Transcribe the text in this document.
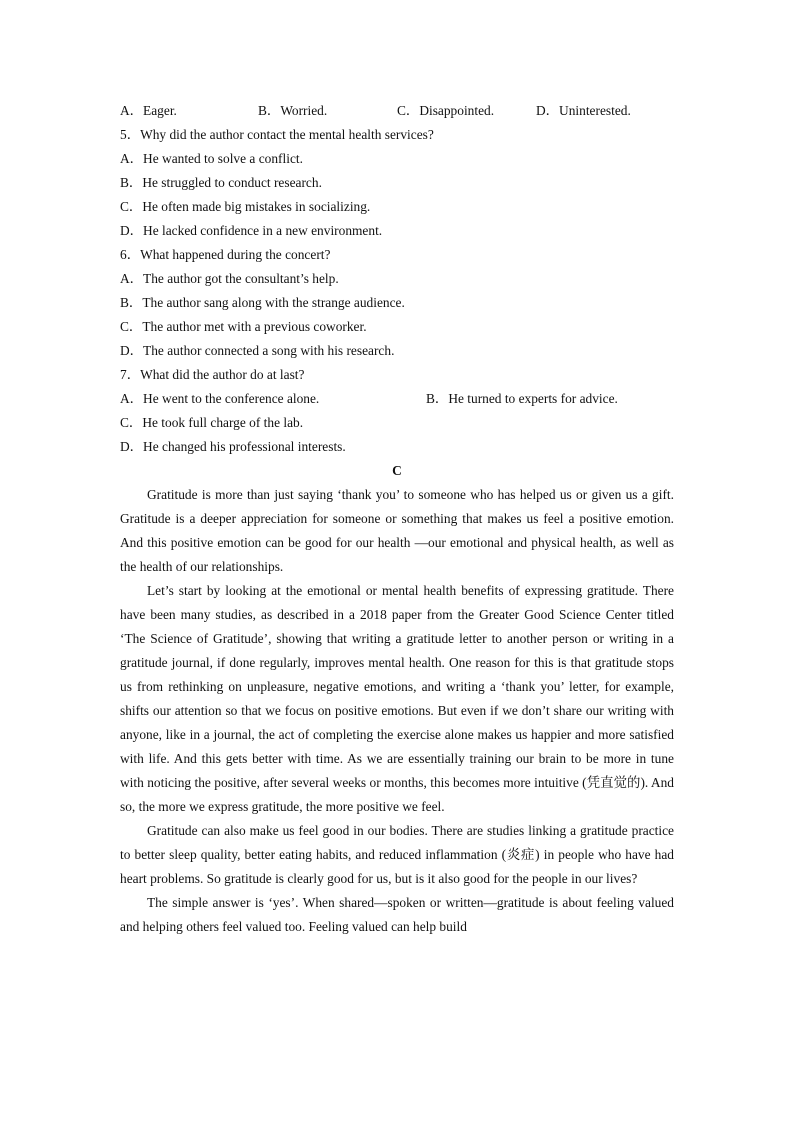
A．Eager.	B．Worried.	C．Disappointed.	D．Uninterested.
5．Why did the author contact the mental health services?
A．He wanted to solve a conflict.
B．He struggled to conduct research.
C．He often made big mistakes in socializing.
D．He lacked confidence in a new environment.
6．What happened during the concert?
A．The author got the consultant’s help.
B．The author sang along with the strange audience.
C．The author met with a previous coworker.
D．The author connected a song with his research.
7．What did the author do at last?
A．He went to the conference alone.	B．He turned to experts for advice.
C．He took full charge of the lab.
D．He changed his professional interests.
C

Gratitude is more than just saying ‘thank you’ to someone who has helped us or given us a gift. Gratitude is a deeper appreciation for someone or something that makes us feel a positive emotion. And this positive emotion can be good for our health —our emotional and physical health, as well as the health of our relationships.

Let’s start by looking at the emotional or mental health benefits of expressing gratitude. There have been many studies, as described in a 2018 paper from the Greater Good Science Center titled ‘The Science of Gratitude’, showing that writing a gratitude letter to another person or writing in a gratitude journal, if done regularly, improves mental health. One reason for this is that gratitude stops us from rethinking on unpleasure, negative emotions, and writing a ‘thank you’ letter, for example, shifts our attention so that we focus on positive emotions. But even if we don’t share our writing with anyone, like in a journal, the act of completing the exercise alone makes us happier and more satisfied with life. And this gets better with time. As we are essentially training our brain to be more in tune with noticing the positive, after several weeks or months, this becomes more intuitive (凭直觉的). And so, the more we express gratitude, the more positive we feel.

Gratitude can also make us feel good in our bodies. There are studies linking a gratitude practice to better sleep quality, better eating habits, and reduced inflammation (炎症) in people who have had heart problems. So gratitude is clearly good for us, but is it also good for the people in our lives?

The simple answer is ‘yes’. When shared—spoken or written—gratitude is about feeling valued and helping others feel valued too. Feeling valued can help build
